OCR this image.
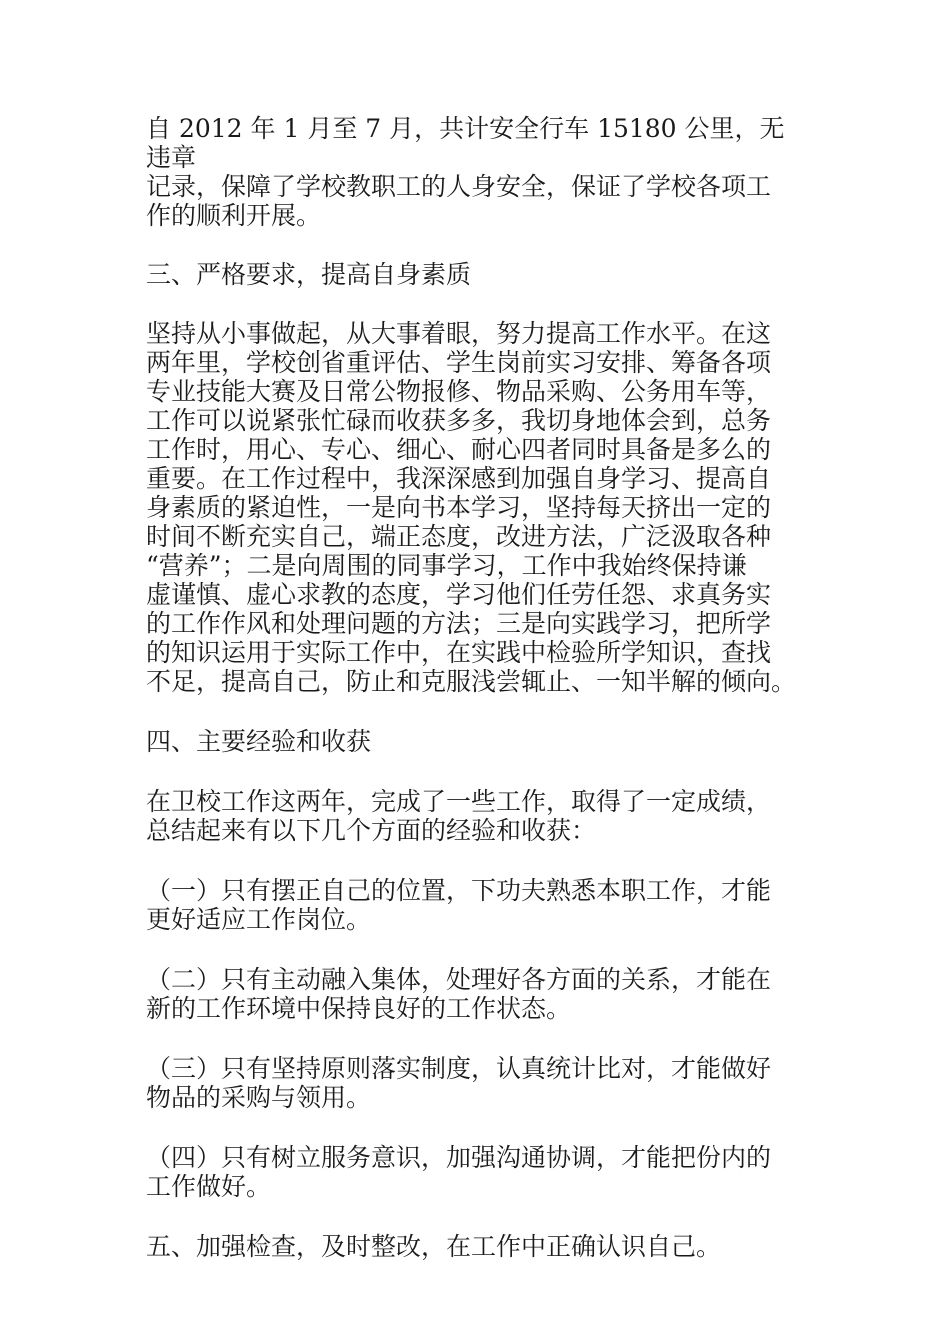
自 2012 年 1 月至 7 月，共计安全行车 15180 公里，无违章
记录，保障了学校教职工的人身安全，保证了学校各项工
作的顺利开展。

三、严格要求，提高自身素质

坚持从小事做起，从大事着眼，努力提高工作水平。在这
两年里，学校创省重评估、学生岗前实习安排、筹备各项
专业技能大赛及日常公物报修、物品采购、公务用车等，
工作可以说紧张忙碌而收获多多，我切身地体会到，总务
工作时，用心、专心、细心、耐心四者同时具备是多么的
重要。在工作过程中，我深深感到加强自身学习、提高自
身素质的紧迫性，一是向书本学习，坚持每天挤出一定的
时间不断充实自己，端正态度，改进方法，广泛汲取各种
“营养”；二是向周围的同事学习，工作中我始终保持谦
虚谨慎、虚心求教的态度，学习他们任劳任怨、求真务实
的工作作风和处理问题的方法；三是向实践学习，把所学
的知识运用于实际工作中，在实践中检验所学知识，查找
不足，提高自己，防止和克服浅尝辄止、一知半解的倾向。

四、主要经验和收获

在卫校工作这两年，完成了一些工作，取得了一定成绩，
总结起来有以下几个方面的经验和收获：

（一）只有摆正自己的位置，下功夫熟悉本职工作，才能
更好适应工作岗位。

（二）只有主动融入集体，处理好各方面的关系，才能在
新的工作环境中保持良好的工作状态。

（三）只有坚持原则落实制度，认真统计比对，才能做好
物品的采购与领用。

（四）只有树立服务意识，加强沟通协调，才能把份内的
工作做好。

五、加强检查，及时整改，在工作中正确认识自己。
